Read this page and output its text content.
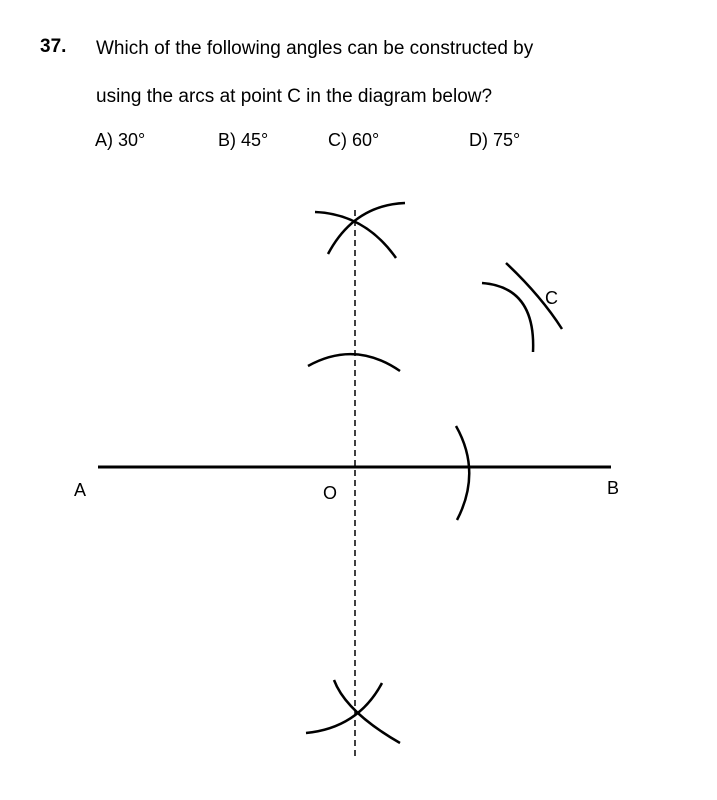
37. Which of the following angles can be constructed by
using the arcs at point C in the diagram below?
A) 30°	B) 45°	C) 60°	D) 75°
A	O	B
C
